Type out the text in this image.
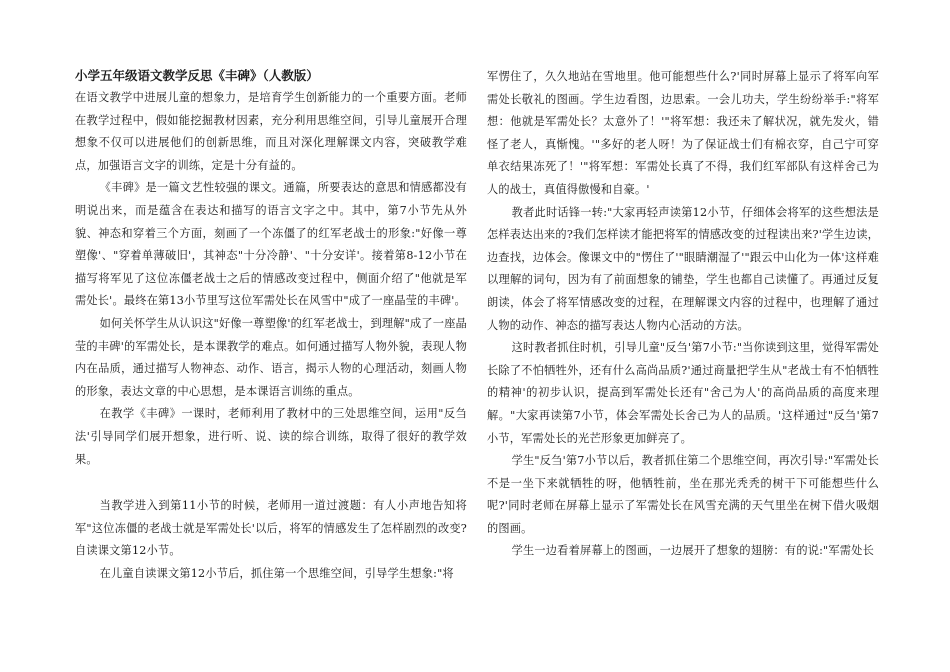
小学五年级语文教学反思《丰碑》（人教版）

在语文教学中进展儿童的想象力，是培育学生创新能力的一个重要方面。老师在教学过程中，假如能挖掘教材因素，充分利用思维空间，引导儿童展开合理想象不仅可以进展他们的创新思维，而且对深化理解课文内容，突破教学难点，加强语言文字的训练，定是十分有益的。

《丰碑》是一篇文艺性较强的课文。通篇，所要表达的意思和情感都没有明说出来，而是蕴含在表达和描写的语言文字之中。其中，第7小节先从外貌、神态和穿着三个方面，刻画了一个冻僵了的红军老战士的形象:"好像一尊塑像'、"穿着单薄破旧'，其神态"十分冷静'、"十分安详'。接着第8-12小节在描写将军见了这位冻僵老战士之后的情感改变过程中，侧面介绍了"他就是军需处长'。最终在第13小节里写这位军需处长在风雪中"成了一座晶莹的丰碑'。

如何关怀学生从认识这"好像一尊塑像'的红军老战士，到理解"成了一座晶莹的丰碑'的军需处长，是本课教学的难点。如何通过描写人物外貌，表现人物内在品质，通过描写人物神态、动作、语言，揭示人物的心理活动，刻画人物的形象，表达文章的中心思想，是本课语言训练的重点。

在教学《丰碑》一课时，老师利用了教材中的三处思维空间，运用"反刍法'引导同学们展开想象，进行听、说、读的综合训练，取得了很好的教学效果。

当教学进入到第11小节的时候，老师用一道过渡题：有人小声地告知将军"这位冻僵的老战士就是军需处长'以后，将军的情感发生了怎样剧烈的改变?自读课文第12小节。

在儿童自读课文第12小节后，抓住第一个思维空间，引导学生想象:"将

军愣住了，久久地站在雪地里。他可能想些什么?'同时屏幕上显示了将军向军需处长敬礼的图画。学生边看图，边思索。一会儿功夫，学生纷纷举手:"将军想：他就是军需处长？太意外了！'"将军想：我还未了解状况，就先发火，错怪了老人，真惭愧。'"多好的老人呀！为了保证战士们有棉衣穿，自己宁可穿单衣结果冻死了！'"将军想：军需处长真了不得，我们红军部队有这样舍己为人的战士，真值得傲慢和自豪。'

教者此时话锋一转:"大家再轻声读第12小节，仔细体会将军的这些想法是怎样表达出来的?我们怎样读才能把将军的情感改变的过程读出来?'学生边读，边查找，边体会。像课文中的"愣住了'"眼睛潮湿了'"跟云中山化为一体'这样难以理解的词句，因为有了前面想象的铺垫，学生也都自己读懂了。再通过反复朗读，体会了将军情感改变的过程，在理解课文内容的过程中，也理解了通过人物的动作、神态的描写表达人物内心活动的方法。

这时教者抓住时机，引导儿童"反刍'第7小节:"当你读到这里，觉得军需处长除了不怕牺牲外，还有什么高尚品质?'通过商量把学生从"老战士有不怕牺牲的精神'的初步认识，提高到军需处长还有"舍己为人'的高尚品质的高度来理解。"大家再读第7小节，体会军需处长舍己为人的品质。'这样通过"反刍'第7小节，军需处长的光芒形象更加鲜亮了。

学生"反刍'第7小节以后，教者抓住第二个思维空间，再次引导:"军需处长不是一坐下来就牺牲的呀，他牺牲前，坐在那光秃秃的树干下可能想些什么呢?'同时老师在屏幕上显示了军需处长在风雪充满的天气里坐在树下借火吸烟的图画。

学生一边看着屏幕上的图画，一边展开了想象的翅膀：有的说:"军需处长
